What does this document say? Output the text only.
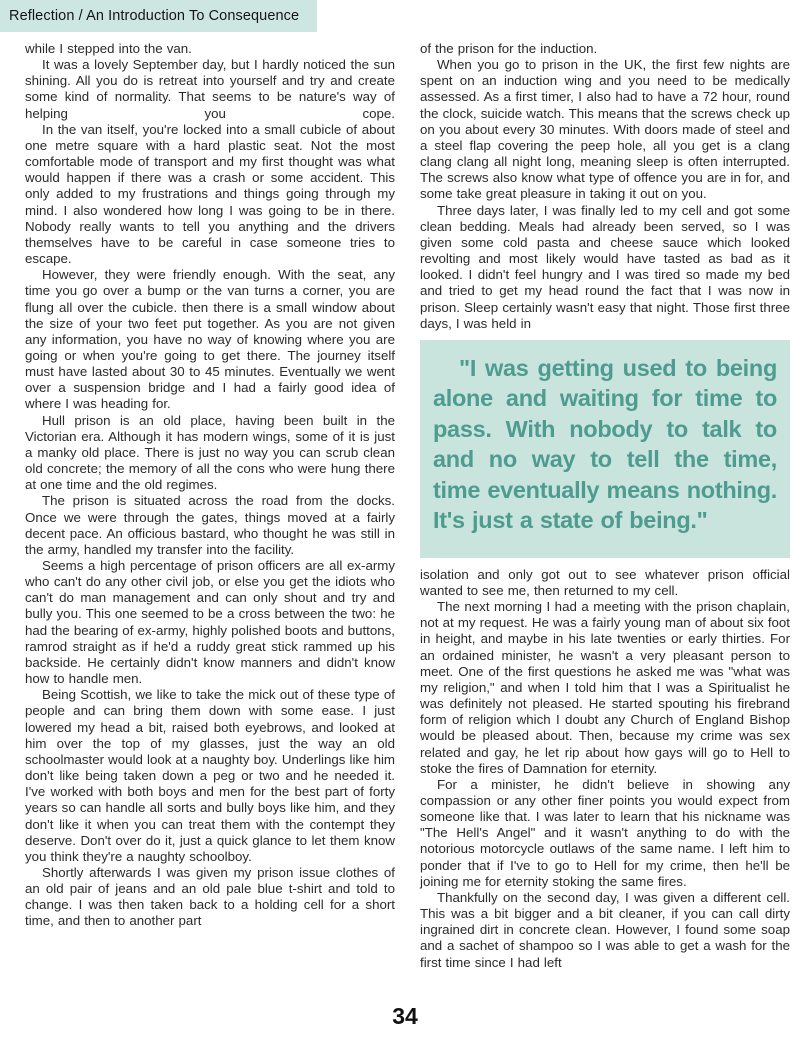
Reflection / An Introduction To Consequence

while I stepped into the van.

It was a lovely September day, but I hardly noticed the sun shining. All you do is retreat into yourself and try and create some kind of normality. That seems to be nature's way of helping you cope.

In the van itself, you're locked into a small cubicle of about one metre square with a hard plastic seat. Not the most comfortable mode of transport and my first thought was what would happen if there was a crash or some accident. This only added to my frustrations and things going through my mind. I also wondered how long I was going to be in there. Nobody really wants to tell you anything and the drivers themselves have to be careful in case someone tries to escape.

However, they were friendly enough. With the seat, any time you go over a bump or the van turns a corner, you are flung all over the cubicle. then there is a small window about the size of your two feet put together. As you are not given any information, you have no way of knowing where you are going or when you're going to get there. The journey itself must have lasted about 30 to 45 minutes. Eventually we went over a suspension bridge and I had a fairly good idea of where I was heading for.

Hull prison is an old place, having been built in the Victorian era. Although it has modern wings, some of it is just a manky old place. There is just no way you can scrub clean old concrete; the memory of all the cons who were hung there at one time and the old regimes.

The prison is situated across the road from the docks. Once we were through the gates, things moved at a fairly decent pace. An officious bastard, who thought he was still in the army, handled my transfer into the facility.

Seems a high percentage of prison officers are all ex-army who can't do any other civil job, or else you get the idiots who can't do man management and can only shout and try and bully you. This one seemed to be a cross between the two: he had the bearing of ex-army, highly polished boots and buttons, ramrod straight as if he'd a ruddy great stick rammed up his backside. He certainly didn't know manners and didn't know how to handle men.

Being Scottish, we like to take the mick out of these type of people and can bring them down with some ease. I just lowered my head a bit, raised both eyebrows, and looked at him over the top of my glasses, just the way an old schoolmaster would look at a naughty boy. Underlings like him don't like being taken down a peg or two and he needed it. I've worked with both boys and men for the best part of forty years so can handle all sorts and bully boys like him, and they don't like it when you can treat them with the contempt they deserve. Don't over do it, just a quick glance to let them know you think they're a naughty schoolboy.

Shortly afterwards I was given my prison issue clothes of an old pair of jeans and an old pale blue t-shirt and told to change. I was then taken back to a holding cell for a short time, and then to another part

of the prison for the induction.

When you go to prison in the UK, the first few nights are spent on an induction wing and you need to be medically assessed. As a first timer, I also had to have a 72 hour, round the clock, suicide watch. This means that the screws check up on you about every 30 minutes. With doors made of steel and a steel flap covering the peep hole, all you get is a clang clang clang all night long, meaning sleep is often interrupted. The screws also know what type of offence you are in for, and some take great pleasure in taking it out on you.

Three days later, I was finally led to my cell and got some clean bedding. Meals had already been served, so I was given some cold pasta and cheese sauce which looked revolting and most likely would have tasted as bad as it looked. I didn't feel hungry and I was tired so made my bed and tried to get my head round the fact that I was now in prison. Sleep certainly wasn't easy that night. Those first three days, I was held in

"I was getting used to being alone and waiting for time to pass. With nobody to talk to and no way to tell the time, time eventually means nothing. It's just a state of being."

isolation and only got out to see whatever prison official wanted to see me, then returned to my cell.

The next morning I had a meeting with the prison chaplain, not at my request. He was a fairly young man of about six foot in height, and maybe in his late twenties or early thirties. For an ordained minister, he wasn't a very pleasant person to meet. One of the first questions he asked me was "what was my religion," and when I told him that I was a Spiritualist he was definitely not pleased. He started spouting his firebrand form of religion which I doubt any Church of England Bishop would be pleased about. Then, because my crime was sex related and gay, he let rip about how gays will go to Hell to stoke the fires of Damnation for eternity.

For a minister, he didn't believe in showing any compassion or any other finer points you would expect from someone like that. I was later to learn that his nickname was "The Hell's Angel" and it wasn't anything to do with the notorious motorcycle outlaws of the same name. I left him to ponder that if I've to go to Hell for my crime, then he'll be joining me for eternity stoking the same fires.

Thankfully on the second day, I was given a different cell. This was a bit bigger and a bit cleaner, if you can call dirty ingrained dirt in concrete clean. However, I found some soap and a sachet of shampoo so I was able to get a wash for the first time since I had left

34
